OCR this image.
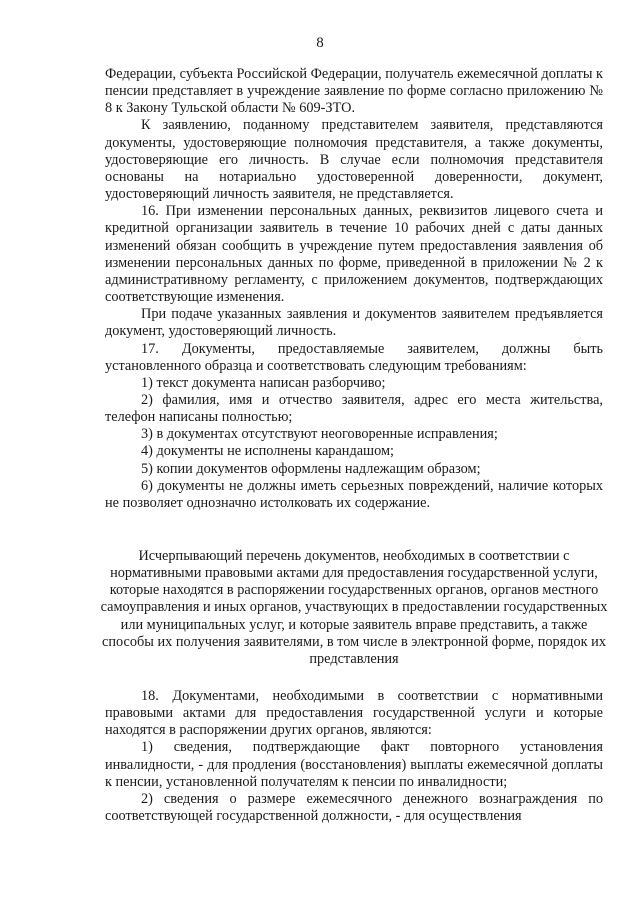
8

Федерации, субъекта Российской Федерации, получатель ежемесячной доплаты к пенсии представляет в учреждение заявление по форме согласно приложению № 8 к Закону Тульской области № 609-ЗТО.

К заявлению, поданному представителем заявителя, представляются документы, удостоверяющие полномочия представителя, а также документы, удостоверяющие его личность. В случае если полномочия представителя основаны на нотариально удостоверенной доверенности, документ, удостоверяющий личность заявителя, не представляется.

16. При изменении персональных данных, реквизитов лицевого счета и кредитной организации заявитель в течение 10 рабочих дней с даты данных изменений обязан сообщить в учреждение путем предоставления заявления об изменении персональных данных по форме, приведенной в приложении № 2 к административному регламенту, с приложением документов, подтверждающих соответствующие изменения.

При подаче указанных заявления и документов заявителем предъявляется документ, удостоверяющий личность.

17. Документы, предоставляемые заявителем, должны быть установленного образца и соответствовать следующим требованиям:

1) текст документа написан разборчиво;

2) фамилия, имя и отчество заявителя, адрес его места жительства, телефон написаны полностью;

3) в документах отсутствуют неоговоренные исправления;

4) документы не исполнены карандашом;

5) копии документов оформлены надлежащим образом;

6) документы не должны иметь серьезных повреждений, наличие которых не позволяет однозначно истолковать их содержание.

Исчерпывающий перечень документов, необходимых в соответствии с нормативными правовыми актами для предоставления государственной услуги, которые находятся в распоряжении государственных органов, органов местного самоуправления и иных органов, участвующих в предоставлении государственных или муниципальных услуг, и которые заявитель вправе представить, а также способы их получения заявителями, в том числе в электронной форме, порядок их представления

18. Документами, необходимыми в соответствии с нормативными правовыми актами для предоставления государственной услуги и которые находятся в распоряжении других органов, являются:

1) сведения, подтверждающие факт повторного установления инвалидности, - для продления (восстановления) выплаты ежемесячной доплаты к пенсии, установленной получателям к пенсии по инвалидности;

2) сведения о размере ежемесячного денежного вознаграждения по соответствующей государственной должности, - для осуществления
